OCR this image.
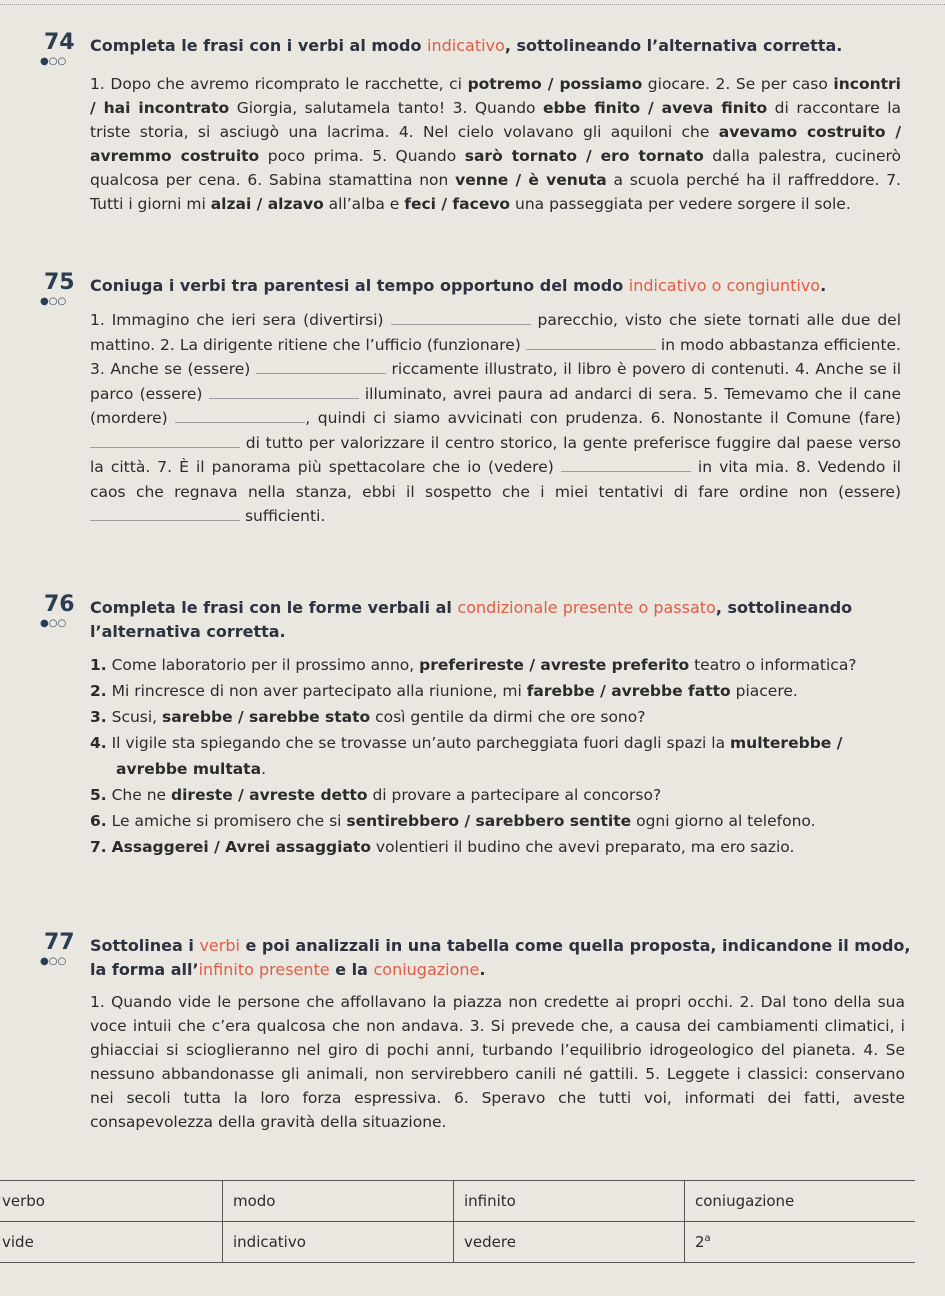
74
●○○
Completa le frasi con i verbi al modo indicativo, sottolineando l’alternativa corretta.
1. Dopo che avremo ricomprato le racchette, ci potremo / possiamo giocare. 2. Se per caso incontri / hai incontrato Giorgia, salutamela tanto! 3. Quando ebbe finito / aveva finito di raccontare la triste storia, si asciugò una lacrima. 4. Nel cielo volavano gli aquiloni che avevamo costruito / avremmo costruito poco prima. 5. Quando sarò tornato / ero tornato dalla palestra, cucinerò qualcosa per cena. 6. Sabina stamattina non venne / è venuta a scuola perché ha il raffreddore. 7. Tutti i giorni mi alzai / alzavo all’alba e feci / facevo una passeggiata per vedere sorgere il sole.
75
●○○
Coniuga i verbi tra parentesi al tempo opportuno del modo indicativo o congiuntivo.
1. Immagino che ieri sera (divertirsi)	parecchio, visto che siete tornati alle due del mattino. 2. La dirigente ritiene che l’ufficio (funzionare)	in modo abbastanza efficiente. 3. Anche se (essere)	riccamente illustrato, il libro è povero di contenuti. 4. Anche se il parco (essere)	illuminato, avrei paura ad andarci di sera. 5. Temevamo che il cane (mordere)	, quindi ci siamo avvicinati con prudenza. 6. Nonostante il Comune (fare)  di tutto per valorizzare il centro storico, la gente preferisce fuggire dal paese verso la città. 7. È il panorama più spettacolare che io (vedere)	in vita mia. 8. Vedendo il caos che regnava nella stanza, ebbi il sospetto che i miei tentativi di fare ordine non (essere)  sufficienti.
76
●○○
Completa le frasi con le forme verbali al condizionale presente o passato, sottolineando l’alternativa corretta.
1. Come laboratorio per il prossimo anno, preferireste / avreste preferito teatro o informatica?
2. Mi rincresce di non aver partecipato alla riunione, mi farebbe / avrebbe fatto piacere.
3. Scusi, sarebbe / sarebbe stato così gentile da dirmi che ore sono?
4. Il vigile sta spiegando che se trovasse un’auto parcheggiata fuori dagli spazi la multerebbe / avrebbe multata.
5. Che ne direste / avreste detto di provare a partecipare al concorso?
6. Le amiche si promisero che si sentirebbero / sarebbero sentite ogni giorno al telefono.
7. Assaggerei / Avrei assaggiato volentieri il budino che avevi preparato, ma ero sazio.
77
●○○
Sottolinea i verbi e poi analizzali in una tabella come quella proposta, indicandone il modo, la forma all’infinito presente e la coniugazione.
1. Quando vide le persone che affollavano la piazza non credette ai propri occhi. 2. Dal tono della sua voce intuii che c’era qualcosa che non andava. 3. Si prevede che, a causa dei cambiamenti climatici, i ghiacciai si scioglieranno nel giro di pochi anni, turbando l’equilibrio idrogeologico del pianeta. 4. Se nessuno abbandonasse gli animali, non servirebbero canili né gattili. 5. Leggete i classici: conservano nei secoli tutta la loro forza espressiva. 6. Speravo che tutti voi, informati dei fatti, aveste consapevolezza della gravità della situazione.
verbo	modo	infinito	coniugazione
vide	indicativo	vedere	2$^a$
